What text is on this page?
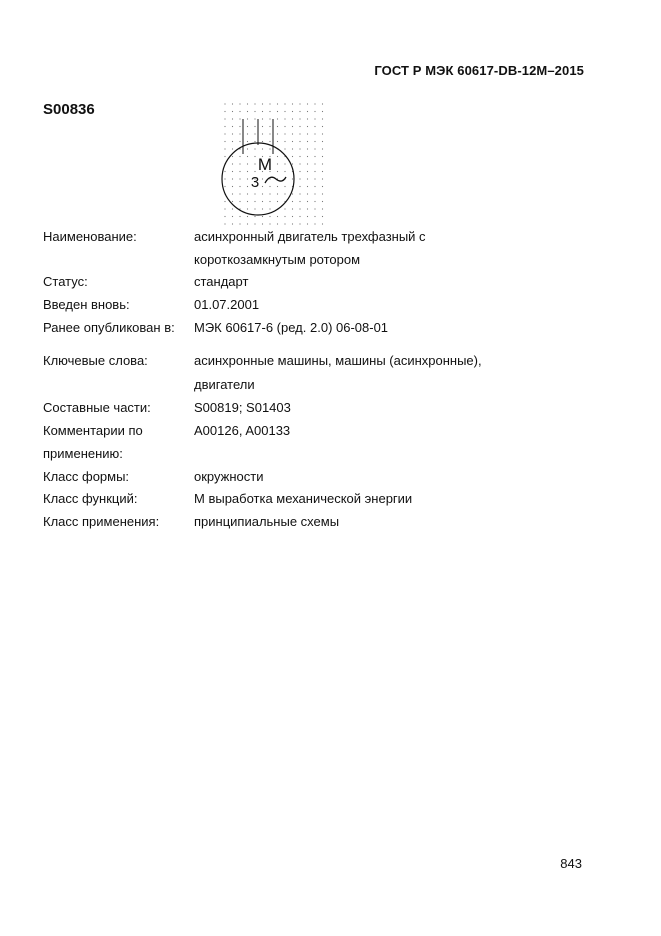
ГОСТ Р МЭК 60617-DB-12M–2015
S00836
M
3
Наименование:	асинхронный двигатель трехфазный с
короткозамкнутым ротором
Статус:	стандарт
Введен вновь:	01.07.2001
Ранее опубликован в:	МЭК 60617-6 (ред. 2.0) 06-08-01
Ключевые слова:	асинхронные машины, машины (асинхронные),
двигатели
Составные части:	S00819; S01403
Комментарии по	A00126, A00133
применению:
Класс формы:	окружности
Класс функций:	M выработка механической энергии
Класс применения:	принципиальные схемы
843
